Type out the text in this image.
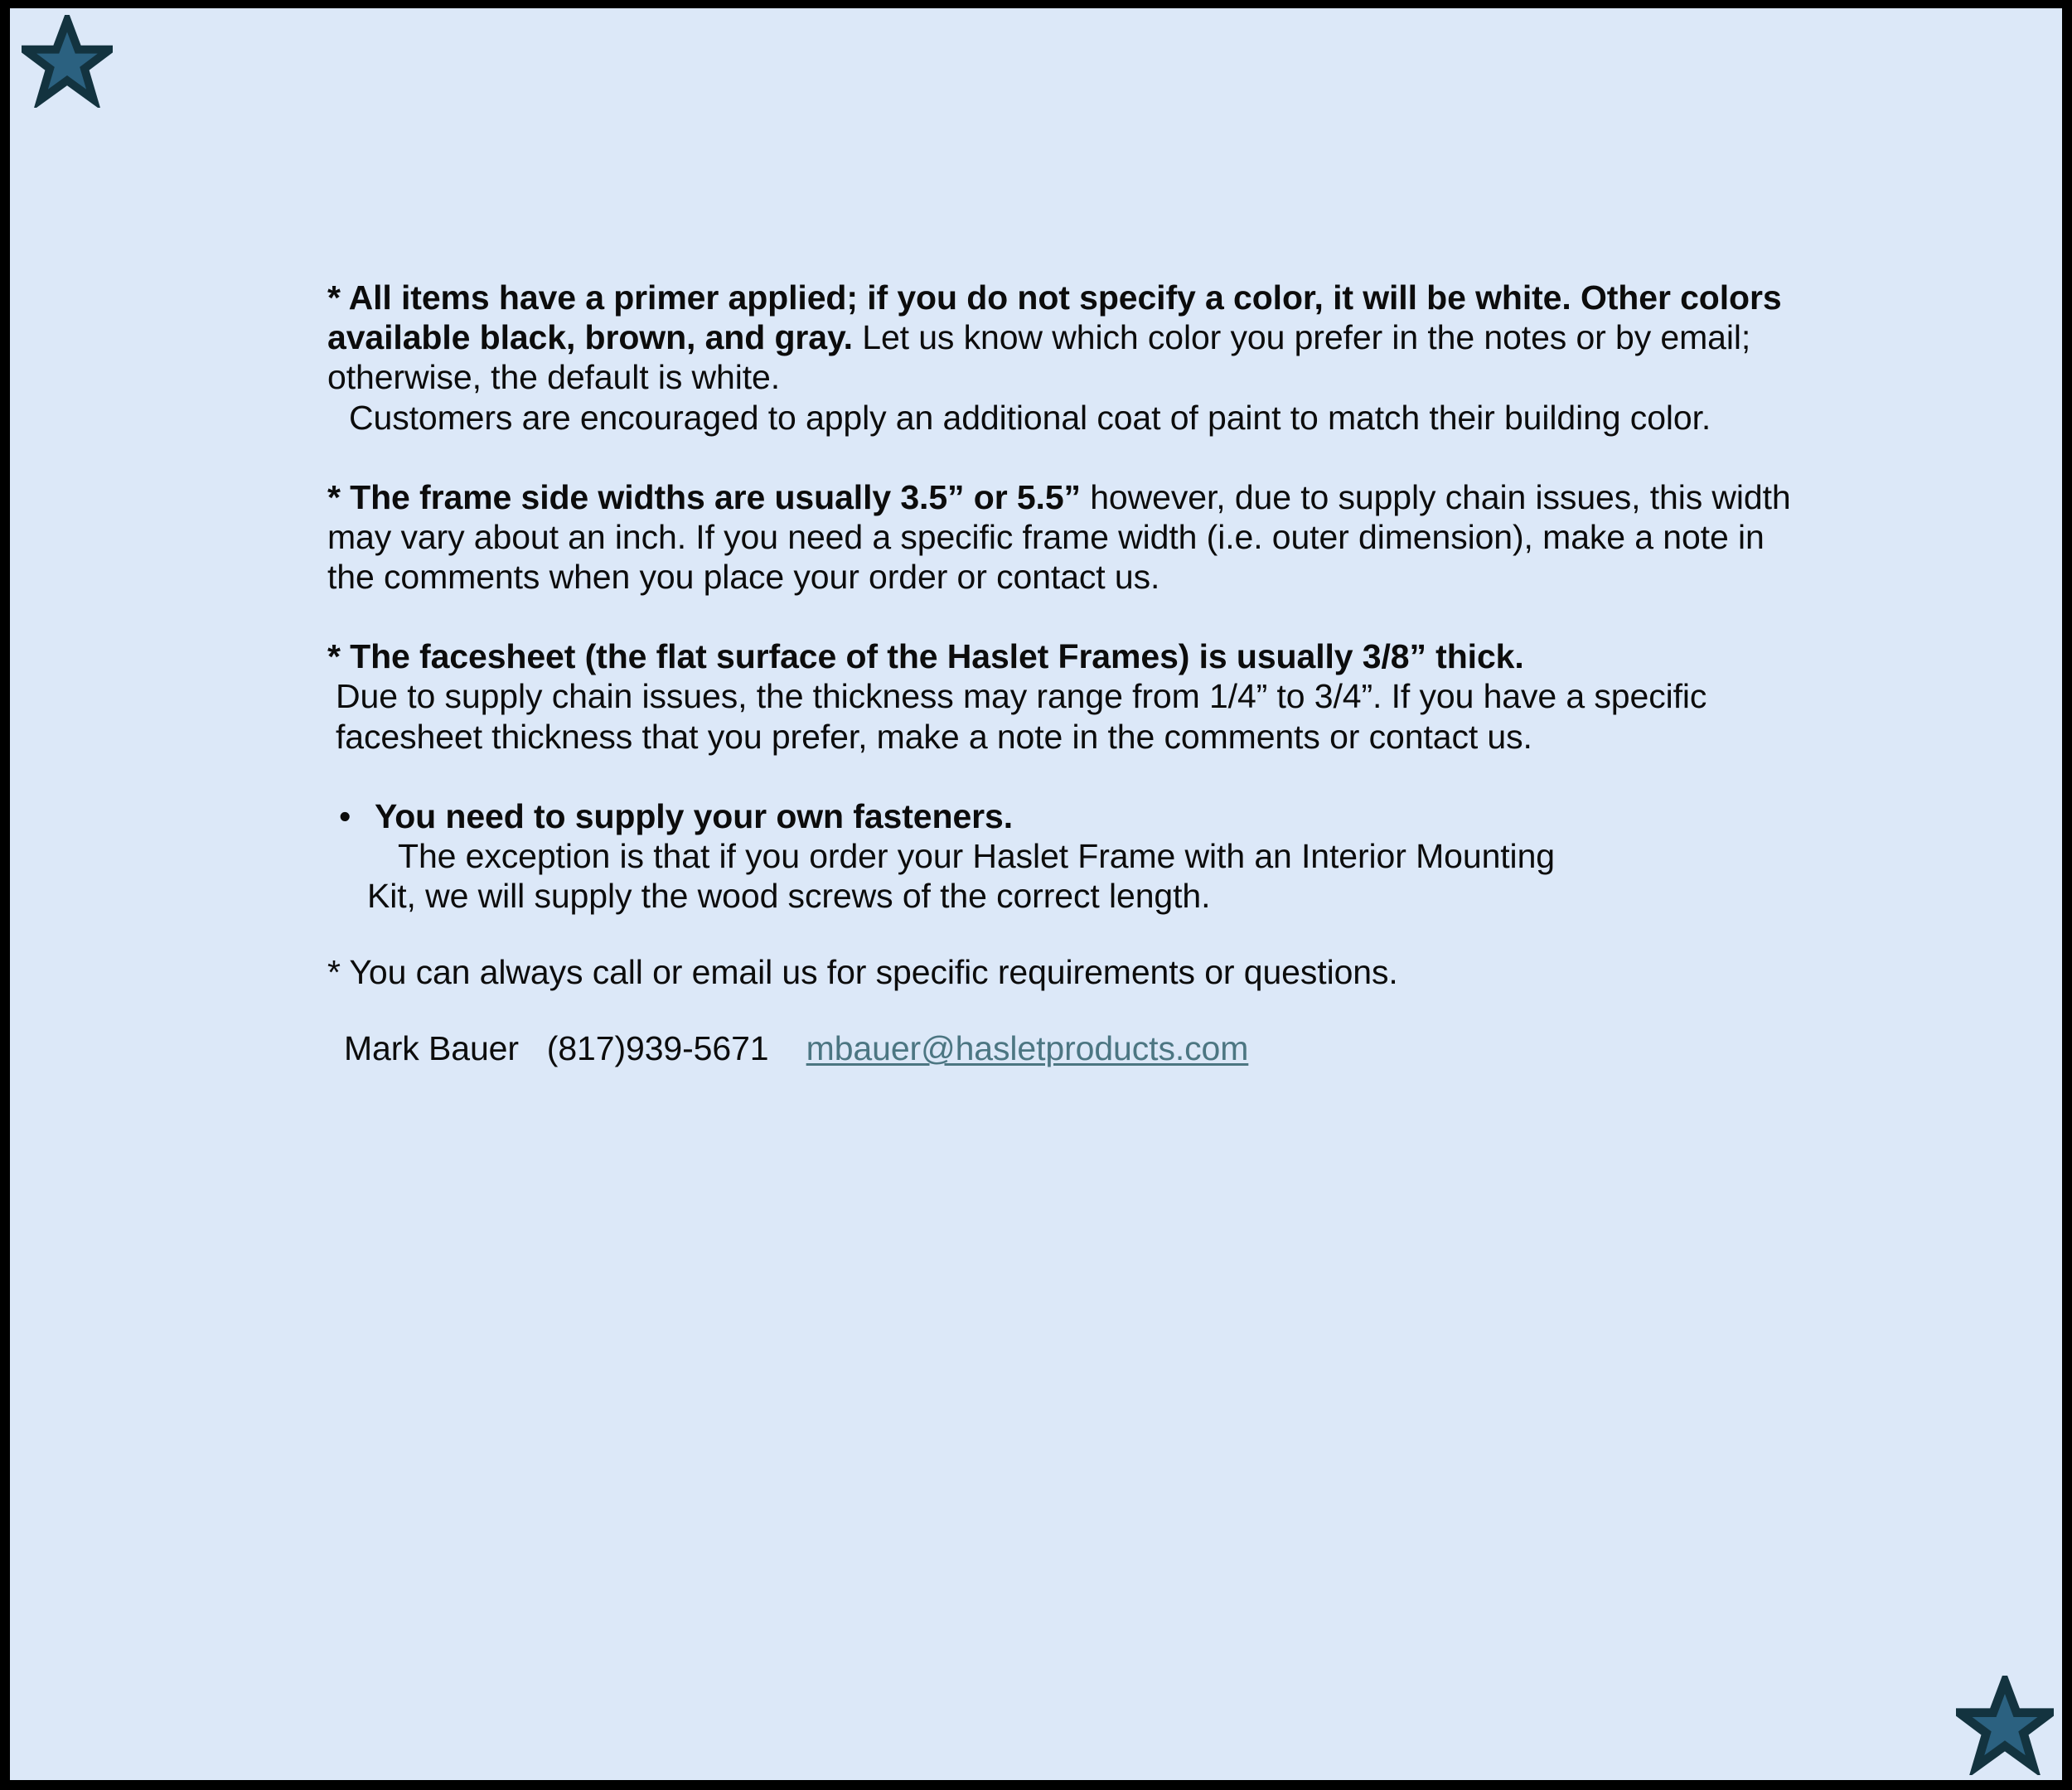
* All items have a primer applied; if you do not specify a color, it will be white. Other colors available black, brown, and gray. Let us know which color you prefer in the notes or by email; otherwise, the default is white.

Customers are encouraged to apply an additional coat of paint to match their building color.

* The frame side widths are usually 3.5” or 5.5” however, due to supply chain issues, this width may vary about an inch. If you need a specific frame width (i.e. outer dimension), make a note in the comments when you place your order or contact us.

* The facesheet (the flat surface of the Haslet Frames) is usually 3/8” thick.

Due to supply chain issues, the thickness may range from 1/4” to 3/4”. If you have a specific facesheet thickness that you prefer, make a note in the comments or contact us.

• You need to supply your own fasteners.

The exception is that if you order your Haslet Frame with an Interior Mounting

Kit, we will supply the wood screws of the correct length.

* You can always call or email us for specific requirements or questions.

Mark Bauer (817)939-5671 mbauer@hasletproducts.com
